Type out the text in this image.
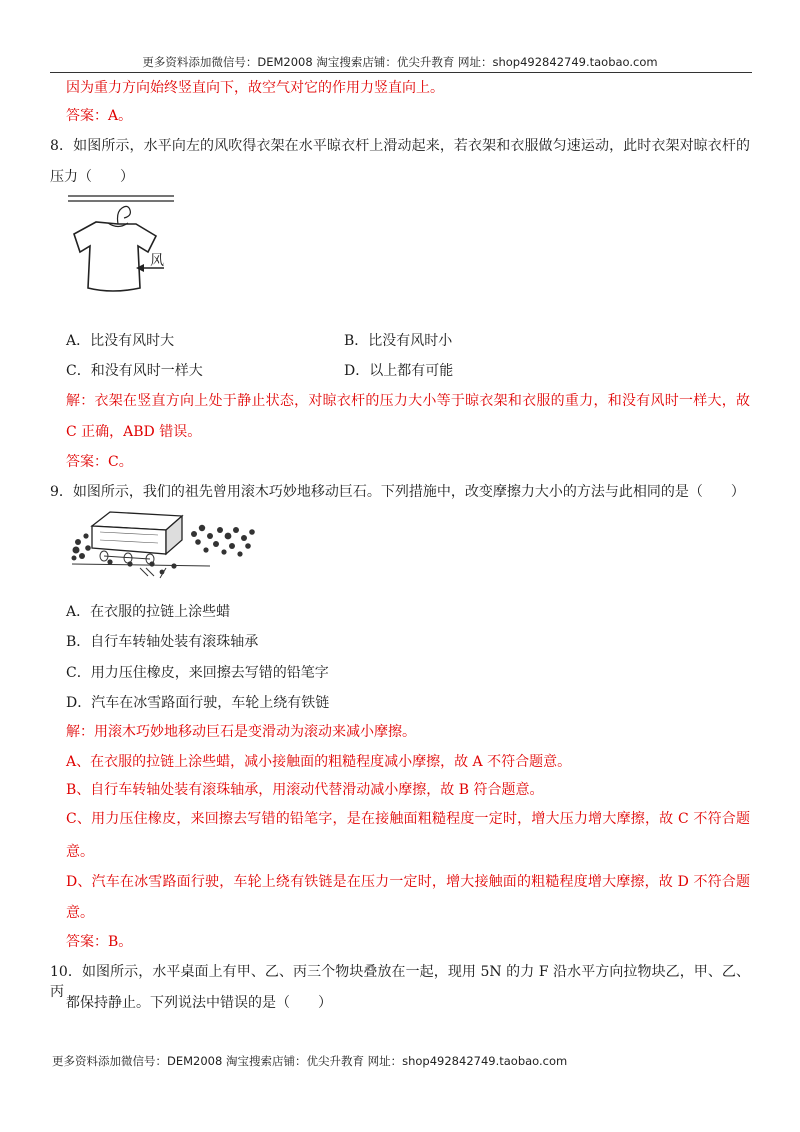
更多资料添加微信号：DEM2008 淘宝搜索店铺：优尖升教育 网址：shop492842749.taobao.com
因为重力方向始终竖直向下，故空气对它的作用力竖直向上。
答案：A。
8．如图所示，水平向左的风吹得衣架在水平晾衣杆上滑动起来，若衣架和衣服做匀速运动，此时衣架对晾衣杆的
压力（　　）
风
A．比没有风时大	B．比没有风时小
C．和没有风时一样大	D．以上都有可能
解：衣架在竖直方向上处于静止状态，对晾衣杆的压力大小等于晾衣架和衣服的重力，和没有风时一样大，故
C 正确，ABD 错误。
答案：C。
9．如图所示，我们的祖先曾用滚木巧妙地移动巨石。下列措施中，改变摩擦力大小的方法与此相同的是（　　）
A．在衣服的拉链上涂些蜡
B．自行车转轴处装有滚珠轴承
C．用力压住橡皮，来回擦去写错的铅笔字
D．汽车在冰雪路面行驶，车轮上绕有铁链
解：用滚木巧妙地移动巨石是变滑动为滚动来减小摩擦。
A、在衣服的拉链上涂些蜡，减小接触面的粗糙程度减小摩擦，故 A 不符合题意。
B、自行车转轴处装有滚珠轴承，用滚动代替滑动减小摩擦，故 B 符合题意。
C、用力压住橡皮，来回擦去写错的铅笔字，是在接触面粗糙程度一定时，增大压力增大摩擦，故 C 不符合题
意。
D、汽车在冰雪路面行驶，车轮上绕有铁链是在压力一定时，增大接触面的粗糙程度增大摩擦，故 D 不符合题
意。
答案：B。
10．如图所示，水平桌面上有甲、乙、丙三个物块叠放在一起，现用 5N 的力 F 沿水平方向拉物块乙，甲、乙、丙
都保持静止。下列说法中错误的是（　　）
更多资料添加微信号：DEM2008 淘宝搜索店铺：优尖升教育 网址：shop492842749.taobao.com
